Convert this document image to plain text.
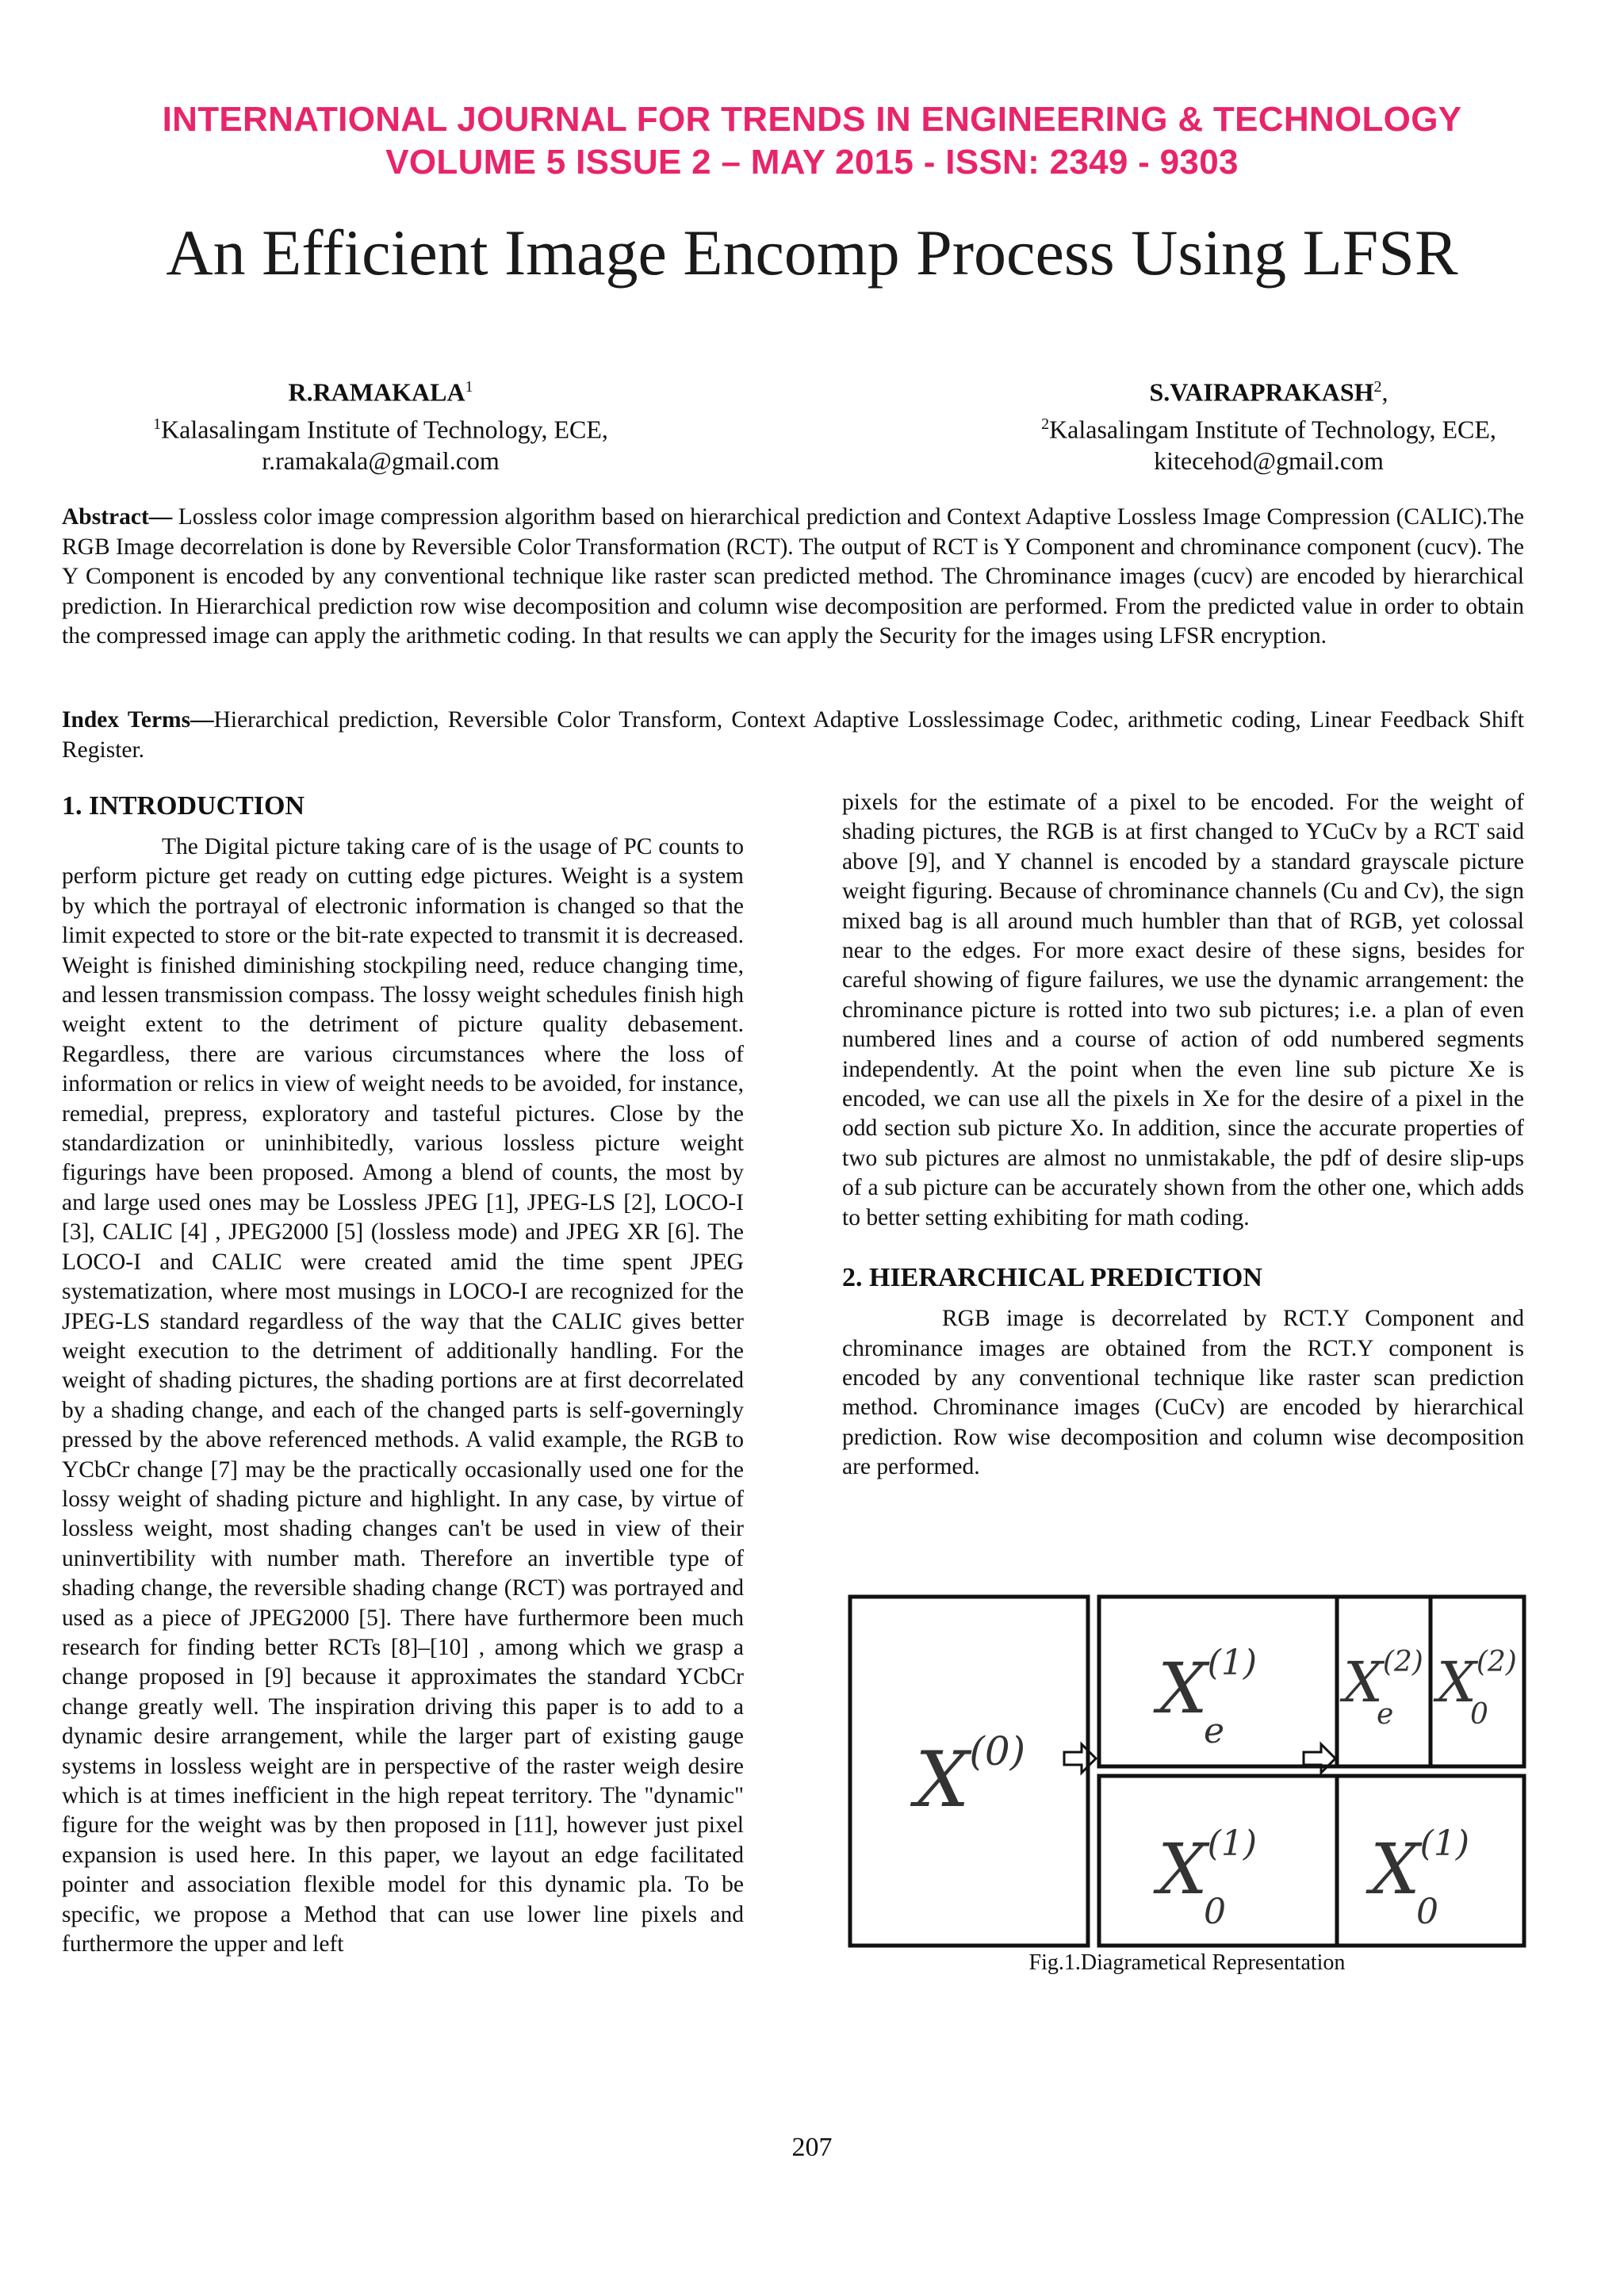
INTERNATIONAL JOURNAL FOR TRENDS IN ENGINEERING & TECHNOLOGY
VOLUME 5 ISSUE 2 – MAY 2015 - ISSN: 2349 - 9303
An Efficient Image Encomp Process Using LFSR
R.RAMAKALA$^1$
$^1$Kalasalingam Institute of Technology, ECE,
r.ramakala@gmail.com
S.VAIRAPRAKASH$^2$,
$^2$Kalasalingam Institute of Technology, ECE,
kitecehod@gmail.com
Abstract— Lossless color image compression algorithm based on hierarchical prediction and Context Adaptive Lossless Image Compression (CALIC).The RGB Image decorrelation is done by Reversible Color Transformation (RCT). The output of RCT is Y Component and chrominance component (cucv). The Y Component is encoded by any conventional technique like raster scan predicted method. The Chrominance images (cucv) are encoded by hierarchical prediction. In Hierarchical prediction row wise decomposition and column wise decomposition are performed. From the predicted value in order to obtain the compressed image can apply the arithmetic coding. In that results we can apply the Security for the images using LFSR encryption.
Index Terms—Hierarchical prediction, Reversible Color Transform, Context Adaptive Losslessimage Codec, arithmetic coding, Linear Feedback Shift Register.
1. INTRODUCTION

The Digital picture taking care of is the usage of PC counts to perform picture get ready on cutting edge pictures. Weight is a system by which the portrayal of electronic information is changed so that the limit expected to store or the bit-rate expected to transmit it is decreased. Weight is finished diminishing stockpiling need, reduce changing time, and lessen transmission compass. The lossy weight schedules finish high weight extent to the detriment of picture quality debasement. Regardless, there are various circumstances where the loss of information or relics in view of weight needs to be avoided, for instance, remedial, prepress, exploratory and tasteful pictures. Close by the standardization or uninhibitedly, various lossless picture weight figurings have been proposed. Among a blend of counts, the most by and large used ones may be Lossless JPEG [1], JPEG-LS [2], LOCO-I [3], CALIC [4] , JPEG2000 [5] (lossless mode) and JPEG XR [6]. The LOCO-I and CALIC were created amid the time spent JPEG systematization, where most musings in LOCO-I are recognized for the JPEG-LS standard regardless of the way that the CALIC gives better weight execution to the detriment of additionally handling. For the weight of shading pictures, the shading portions are at first decorrelated by a shading change, and each of the changed parts is self-governingly pressed by the above referenced methods. A valid example, the RGB to YCbCr change [7] may be the practically occasionally used one for the lossy weight of shading picture and highlight. In any case, by virtue of lossless weight, most shading changes can't be used in view of their uninvertibility with number math. Therefore an invertible type of shading change, the reversible shading change (RCT) was portrayed and used as a piece of JPEG2000 [5]. There have furthermore been much research for finding better RCTs [8]–[10] , among which we grasp a change proposed in [9] because it approximates the standard YCbCr change greatly well. The inspiration driving this paper is to add to a dynamic desire arrangement, while the larger part of existing gauge systems in lossless weight are in perspective of the raster weigh desire which is at times inefficient in the high repeat territory. The "dynamic" figure for the weight was by then proposed in [11], however just pixel expansion is used here. In this paper, we layout an edge facilitated pointer and association flexible model for this dynamic pla. To be specific, we propose a Method that can use lower line pixels and furthermore the upper and left

pixels for the estimate of a pixel to be encoded. For the weight of shading pictures, the RGB is at first changed to YCuCv by a RCT said above [9], and Y channel is encoded by a standard grayscale picture weight figuring. Because of chrominance channels (Cu and Cv), the sign mixed bag is all around much humbler than that of RGB, yet colossal near to the edges. For more exact desire of these signs, besides for careful showing of figure failures, we use the dynamic arrangement: the chrominance picture is rotted into two sub pictures; i.e. a plan of even numbered lines and a course of action of odd numbered segments independently. At the point when the even line sub picture Xe is encoded, we can use all the pixels in Xe for the desire of a pixel in the odd section sub picture Xo. In addition, since the accurate properties of two sub pictures are almost no unmistakable, the pdf of desire slip-ups of a sub picture can be accurately shown from the other one, which adds to better setting exhibiting for math coding.

2. HIERARCHICAL PREDICTION

RGB image is decorrelated by RCT.Y Component and chrominance images are obtained from the RCT.Y component is encoded by any conventional technique like raster scan prediction method. Chrominance images (CuCv) are encoded by hierarchical prediction. Row wise decomposition and column wise decomposition are performed.

$X^{(0)}$
$X^{(1)}$ e
$X^{(1)}$ 0
$X^{(2)}$ e $X^{(2)}$ 0
$X^{(1)}$ 0
Fig.1.Diagrametical Representation
207
